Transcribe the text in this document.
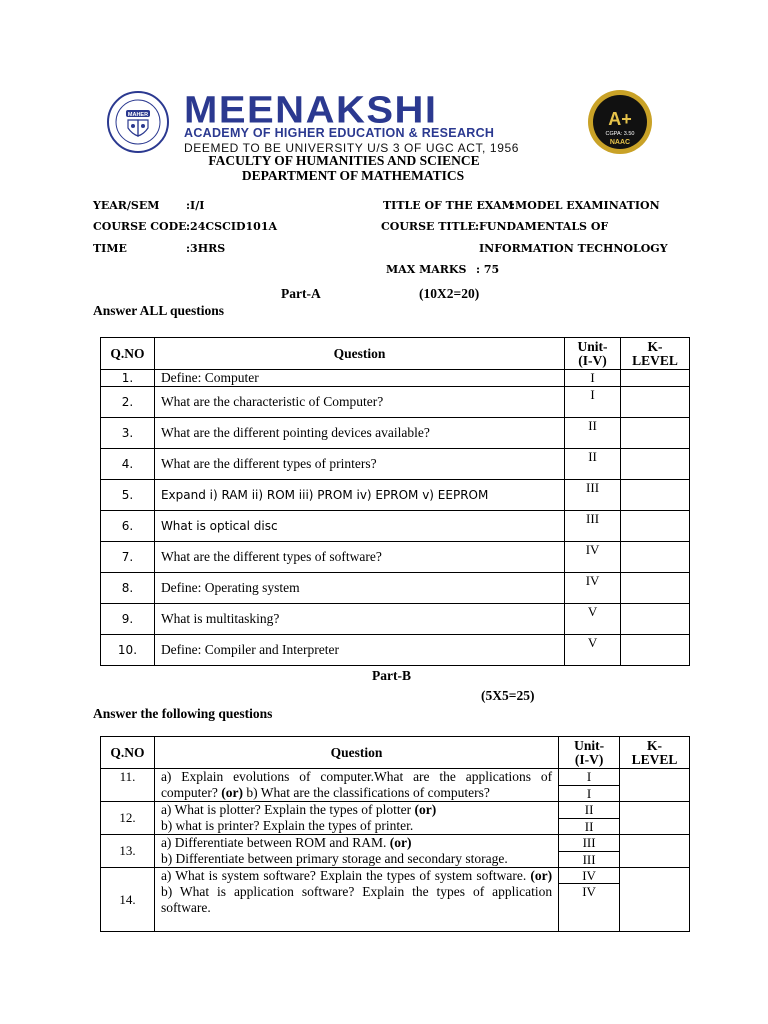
MAHER MEENAKSHI
ACADEMY OF HIGHER EDUCATION & RESEARCH
DEEMED TO BE UNIVERSITY U/S 3 OF UGC ACT, 1956
A+
CGPA: 3.50
NAAC
FACULTY OF HUMANITIES AND SCIENCE
DEPARTMENT OF MATHEMATICS
YEAR/SEM :I/I
COURSE CODE :24CSCID101A
TIME	:3HRS
TITLE OF THE EXAM
:MODEL EXAMINATION
COURSE TITLE :FUNDAMENTALS OF
INFORMATION TECHNOLOGY
MAX MARKS : 75
Part-A	(10X2=20)
Answer ALL questions
Q.NO	Question	Unit-
(I-V)	K-
LEVEL
1.	Define: Computer	I	
2.	What are the characteristic of Computer?	I	
3.	What are the different pointing devices available?	II	
4.	What are the different types of printers?	II	
5.	Expand i) RAM ii) ROM iii) PROM iv) EPROM v) EEPROM	III	
6.	What is optical disc	III	
7.	What are the different types of software?	IV	
8.	Define: Operating system	IV	
9.	What is multitasking?	V	
10.	Define: Compiler and Interpreter	V	
Part-B
(5X5=25)
Answer the following questions
Q.NO	Question	Unit-
(I-V)	K-
LEVEL
11.	a) Explain evolutions of computer.What are the applications of computer? (or) b) What are the classifications of computers?	I	
		I	
12.	a) What is plotter? Explain the types of plotter (or)
b) what is printer? Explain the types of printer.	II	
		II	
13.	a) Differentiate between ROM and RAM. (or)
b) Differentiate between primary storage and secondary storage.	III	
		III	
14.	a) What is system software? Explain the types of system software. (or) b) What is application software? Explain the types of application software.	IV	
		IV	
